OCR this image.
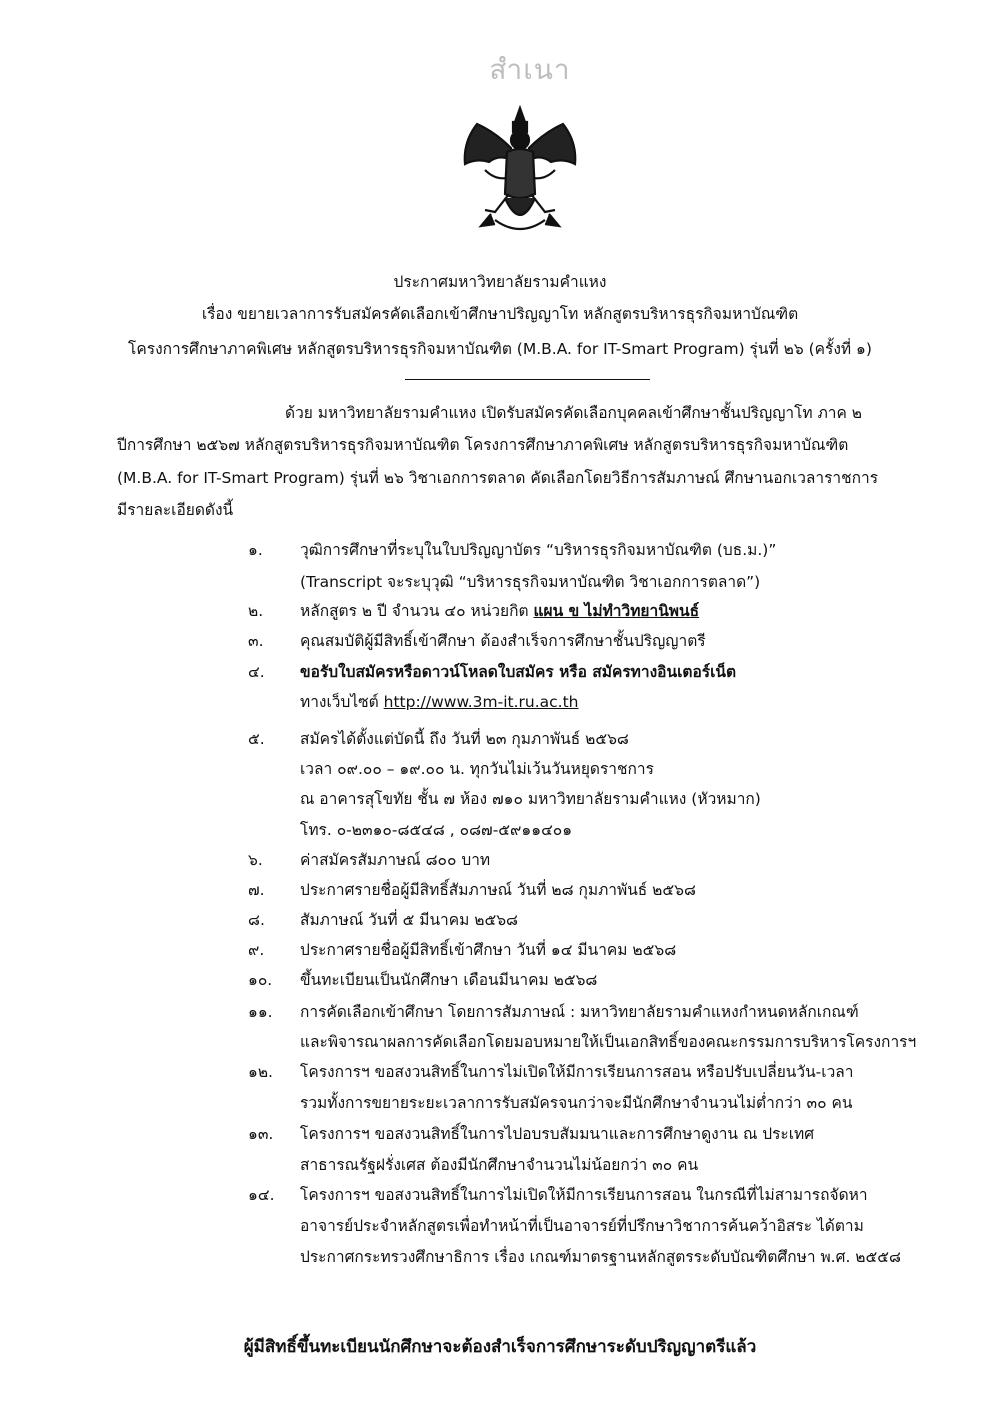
สำเนา
ประกาศมหาวิทยาลัยรามคำแหง
เรื่อง ขยายเวลาการรับสมัครคัดเลือกเข้าศึกษาปริญญาโท หลักสูตรบริหารธุรกิจมหาบัณฑิต
โครงการศึกษาภาคพิเศษ หลักสูตรบริหารธุรกิจมหาบัณฑิต (M.B.A. for IT-Smart Program) รุ่นที่ ๒๖ (ครั้งที่ ๑)
ด้วย มหาวิทยาลัยรามคำแหง เปิดรับสมัครคัดเลือกบุคคลเข้าศึกษาชั้นปริญญาโท ภาค ๒
ปีการศึกษา ๒๕๖๗ หลักสูตรบริหารธุรกิจมหาบัณฑิต โครงการศึกษาภาคพิเศษ หลักสูตรบริหารธุรกิจมหาบัณฑิต
(M.B.A. for IT-Smart Program) รุ่นที่ ๒๖ วิชาเอกการตลาด คัดเลือกโดยวิธีการสัมภาษณ์ ศึกษานอกเวลาราชการ
มีรายละเอียดดังนี้
๑.	วุฒิการศึกษาที่ระบุในใบปริญญาบัตร “บริหารธุรกิจมหาบัณฑิต (บธ.ม.)”
(Transcript จะระบุวุฒิ “บริหารธุรกิจมหาบัณฑิต วิชาเอกการตลาด”)
๒.	หลักสูตร ๒ ปี จำนวน ๔๐ หน่วยกิต แผน ข ไม่ทำวิทยานิพนธ์
๓.	คุณสมบัติผู้มีสิทธิ์เข้าศึกษา ต้องสำเร็จการศึกษาชั้นปริญญาตรี
๔.	ขอรับใบสมัครหรือดาวน์โหลดใบสมัคร หรือ สมัครทางอินเตอร์เน็ต
ทางเว็บไซต์ http://www.3m-it.ru.ac.th
๕.	สมัครได้ตั้งแต่บัดนี้ ถึง วันที่ ๒๓ กุมภาพันธ์ ๒๕๖๘
เวลา ๐๙.๐๐ – ๑๙.๐๐ น. ทุกวันไม่เว้นวันหยุดราชการ
ณ อาคารสุโขทัย ชั้น ๗ ห้อง ๗๑๐ มหาวิทยาลัยรามคำแหง (หัวหมาก)
โทร. ๐-๒๓๑๐-๘๕๔๘ , ๐๘๗-๕๙๑๑๔๐๑
๖.	ค่าสมัครสัมภาษณ์ ๘๐๐ บาท
๗.	ประกาศรายชื่อผู้มีสิทธิ์สัมภาษณ์ วันที่ ๒๘ กุมภาพันธ์ ๒๕๖๘
๘.	สัมภาษณ์ วันที่ ๕ มีนาคม ๒๕๖๘
๙.	ประกาศรายชื่อผู้มีสิทธิ์เข้าศึกษา วันที่ ๑๔ มีนาคม ๒๕๖๘
๑๐.	ขึ้นทะเบียนเป็นนักศึกษา เดือนมีนาคม ๒๕๖๘
๑๑.	การคัดเลือกเข้าศึกษา โดยการสัมภาษณ์ : มหาวิทยาลัยรามคำแหงกำหนดหลักเกณฑ์
และพิจารณาผลการคัดเลือกโดยมอบหมายให้เป็นเอกสิทธิ์ของคณะกรรมการบริหารโครงการฯ
๑๒.	โครงการฯ ขอสงวนสิทธิ์ในการไม่เปิดให้มีการเรียนการสอน หรือปรับเปลี่ยนวัน-เวลา
รวมทั้งการขยายระยะเวลาการรับสมัครจนกว่าจะมีนักศึกษาจำนวนไม่ต่ำกว่า ๓๐ คน
๑๓.	โครงการฯ ขอสงวนสิทธิ์ในการไปอบรบสัมมนาและการศึกษาดูงาน ณ ประเทศ
สาธารณรัฐฝรั่งเศส ต้องมีนักศึกษาจำนวนไม่น้อยกว่า ๓๐ คน
๑๔.	โครงการฯ ขอสงวนสิทธิ์ในการไม่เปิดให้มีการเรียนการสอน ในกรณีที่ไม่สามารถจัดหา
อาจารย์ประจำหลักสูตรเพื่อทำหน้าที่เป็นอาจารย์ที่ปรึกษาวิชาการค้นคว้าอิสระ ได้ตาม
ประกาศกระทรวงศึกษาธิการ เรื่อง เกณฑ์มาตรฐานหลักสูตรระดับบัณฑิตศึกษา พ.ศ. ๒๕๕๘
ผู้มีสิทธิ์ขึ้นทะเบียนนักศึกษาจะต้องสำเร็จการศึกษาระดับปริญญาตรีแล้ว
